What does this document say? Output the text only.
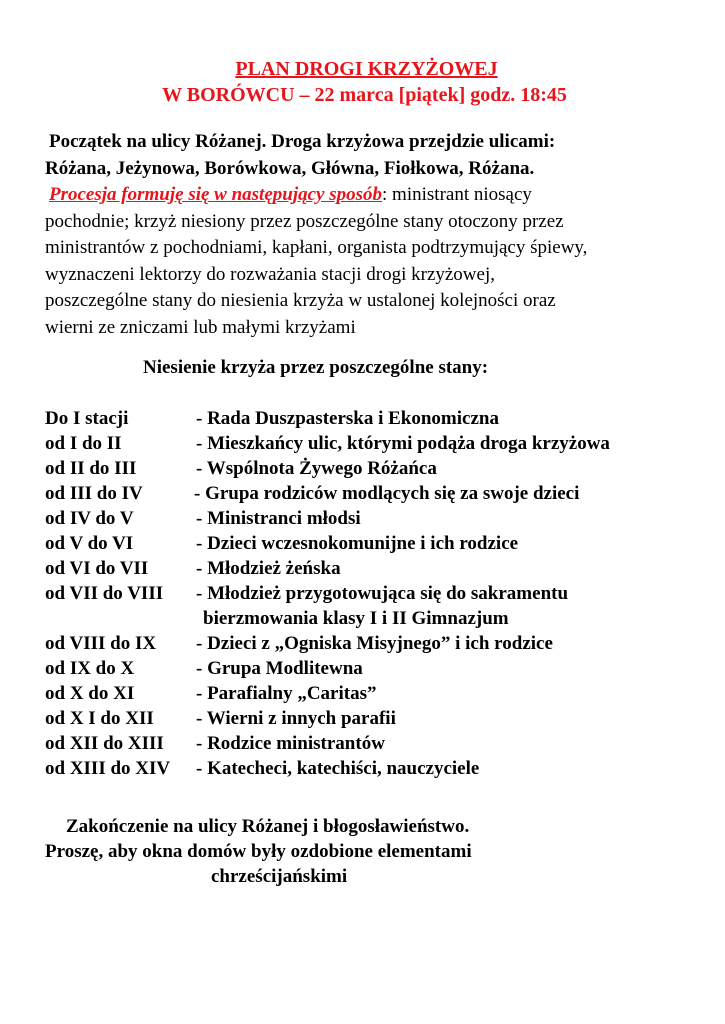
PLAN DROGI KRZYŻOWEJ
W BORÓWCU – 22 marca [piątek] godz. 18:45
Początek na ulicy Różanej. Droga krzyżowa przejdzie ulicami:
Różana, Jeżynowa, Borówkowa, Główna, Fiołkowa, Różana.
Procesja formuję się w następujący sposób: ministrant niosący
pochodnie; krzyż niesiony przez poszczególne stany otoczony przez
ministrantów z pochodniami, kapłani, organista podtrzymujący śpiewy,
wyznaczeni lektorzy do rozważania stacji drogi krzyżowej,
poszczególne stany do niesienia krzyża w ustalonej kolejności oraz
wierni ze zniczami lub małymi krzyżami
Niesienie krzyża przez poszczególne stany:
Do I stacji	- Rada Duszpasterska i Ekonomiczna
od I do II	- Mieszkańcy ulic, którymi podąża droga krzyżowa
od II do III	- Wspólnota Żywego Różańca
od III do IV	- Grupa rodziców modlących się za swoje dzieci
od IV do V	- Ministranci młodsi
od V do VI	- Dzieci wczesnokomunijne i ich rodzice
od VI do VII	- Młodzież żeńska
od VII do VIII - Młodzież przygotowująca się do sakramentu
bierzmowania klasy I i II Gimnazjum
od VIII do IX - Dzieci z „Ogniska Misyjnego” i ich rodzice
od IX do X	- Grupa Modlitewna
od X do XI	- Parafialny „Caritas”
od X I do XII - Wierni z innych parafii
od XII do XIII - Rodzice ministrantów
od XIII do XIV - Katecheci, katechiści, nauczyciele
Zakończenie na ulicy Różanej i błogosławieństwo.
Proszę, aby okna domów były ozdobione elementami
chrześcijańskimi
